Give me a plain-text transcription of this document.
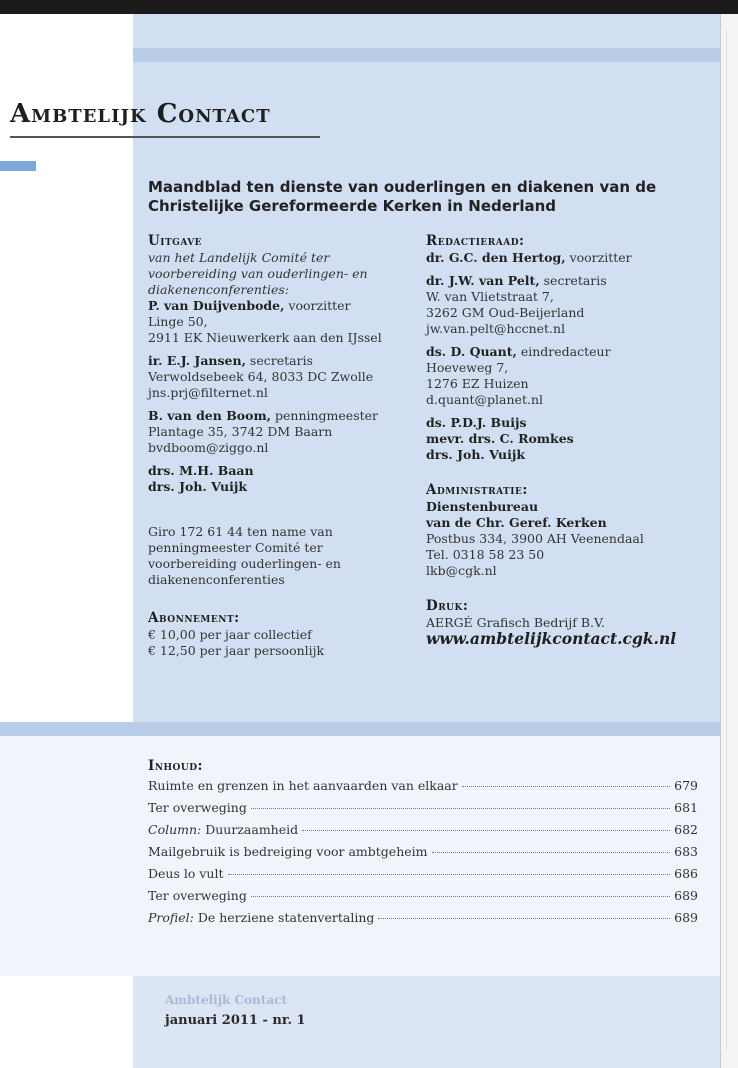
Ambtelijk Contact

Maandblad ten dienste van ouderlingen en diakenen van de Christelijke Gereformeerde Kerken in Nederland

Uitgave

van het Landelijk Comité ter voorbereiding van ouderlingen- en diakenenconferenties:

P. van Duijvenbode, voorzitter

Linge 50,

2911 EK Nieuwerkerk aan den IJssel

ir. E.J. Jansen, secretaris

Verwoldsebeek 64, 8033 DC Zwolle

jns.prj@filternet.nl

B. van den Boom, penningmeester

Plantage 35, 3742 DM Baarn

bvdboom@ziggo.nl

drs. M.H. Baan

drs. Joh. Vuijk

Giro 172 61 44 ten name van penningmeester Comité ter voorbereiding ouderlingen- en diakenenconferenties

Abonnement:

€ 10,00 per jaar collectief

€ 12,50 per jaar persoonlijk

Redactieraad:

dr. G.C. den Hertog, voorzitter

dr. J.W. van Pelt, secretaris

W. van Vlietstraat 7,

3262 GM Oud-Beijerland

jw.van.pelt@hccnet.nl

ds. D. Quant, eindredacteur

Hoeveweg 7,

1276 EZ Huizen

d.quant@planet.nl

ds. P.D.J. Buijs

mevr. drs. C. Romkes

drs. Joh. Vuijk

Administratie:

Dienstenbureau

van de Chr. Geref. Kerken

Postbus 334, 3900 AH Veenendaal

Tel. 0318 58 23 50

lkb@cgk.nl

Druk:

AERGÉ Grafisch Bedrijf B.V.

www.ambtelijkcontact.cgk.nl

Inhoud:
Ruimte en grenzen in het aanvaarden van elkaar	679
Ter overweging	681
Column: Duurzaamheid	682
Mailgebruik is bedreiging voor ambtgeheim	683
Deus lo vult	686
Ter overweging	689
Profiel: De herziene statenvertaling	689

Ambtelijk Contact

januari 2011 - nr. 1
